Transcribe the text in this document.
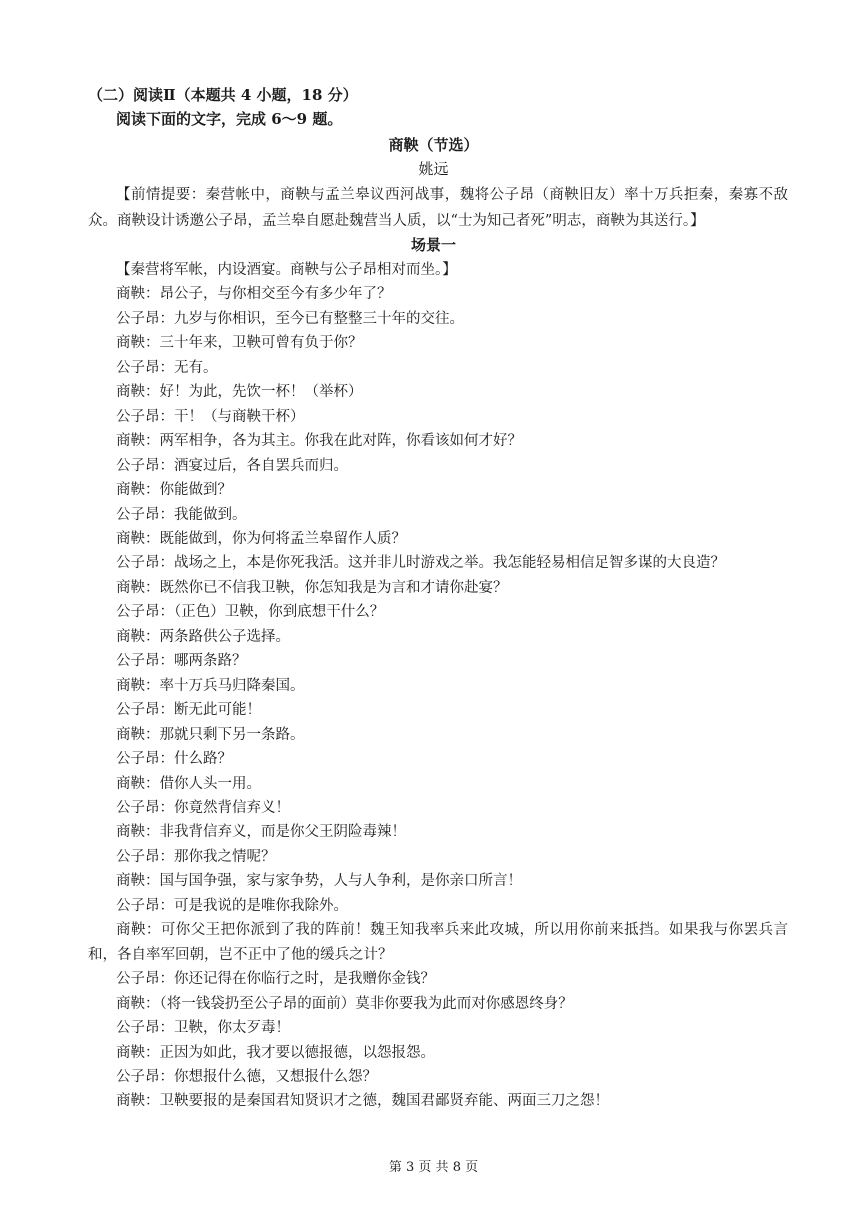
（二）阅读Ⅱ（本题共 4 小题，18 分）
阅读下面的文字，完成 6～9 题。
商鞅（节选）
姚远
【前情提要：秦营帐中，商鞅与孟兰皋议西河战事，魏将公子昂（商鞅旧友）率十万兵拒秦，秦寡不敌众。商鞅设计诱邀公子昂，孟兰皋自愿赴魏营当人质，以“士为知己者死”明志，商鞅为其送行。】
场景一

【秦营将军帐，内设酒宴。商鞅与公子昂相对而坐。】

商鞅：昂公子，与你相交至今有多少年了？

公子昂：九岁与你相识，至今已有整整三十年的交往。

商鞅：三十年来，卫鞅可曾有负于你？

公子昂：无有。

商鞅：好！为此，先饮一杯！（举杯）

公子昂：干！（与商鞅干杯）

商鞅：两军相争，各为其主。你我在此对阵，你看该如何才好？

公子昂：酒宴过后，各自罢兵而归。

商鞅：你能做到？

公子昂：我能做到。

商鞅：既能做到，你为何将孟兰皋留作人质？

公子昂：战场之上，本是你死我活。这并非儿时游戏之举。我怎能轻易相信足智多谋的大良造？

商鞅：既然你已不信我卫鞅，你怎知我是为言和才请你赴宴？

公子昂：（正色）卫鞅，你到底想干什么？

商鞅：两条路供公子选择。

公子昂：哪两条路？

商鞅：率十万兵马归降秦国。

公子昂：断无此可能！

商鞅：那就只剩下另一条路。

公子昂：什么路？

商鞅：借你人头一用。

公子昂：你竟然背信弃义！

商鞅：非我背信弃义，而是你父王阴险毒辣！

公子昂：那你我之情呢？

商鞅：国与国争强，家与家争势，人与人争利，是你亲口所言！

公子昂：可是我说的是唯你我除外。

商鞅：可你父王把你派到了我的阵前！魏王知我率兵来此攻城，所以用你前来抵挡。如果我与你罢兵言和，各自率军回朝，岂不正中了他的缓兵之计？

公子昂：你还记得在你临行之时，是我赠你金钱？

商鞅：（将一钱袋扔至公子昂的面前）莫非你要我为此而对你感恩终身？

公子昂：卫鞅，你太歹毒！

商鞅：正因为如此，我才要以德报德，以怨报怨。

公子昂：你想报什么德，又想报什么怨？

商鞅：卫鞅要报的是秦国君知贤识才之德，魏国君鄙贤弃能、两面三刀之怨！

第 3 页 共 8 页
